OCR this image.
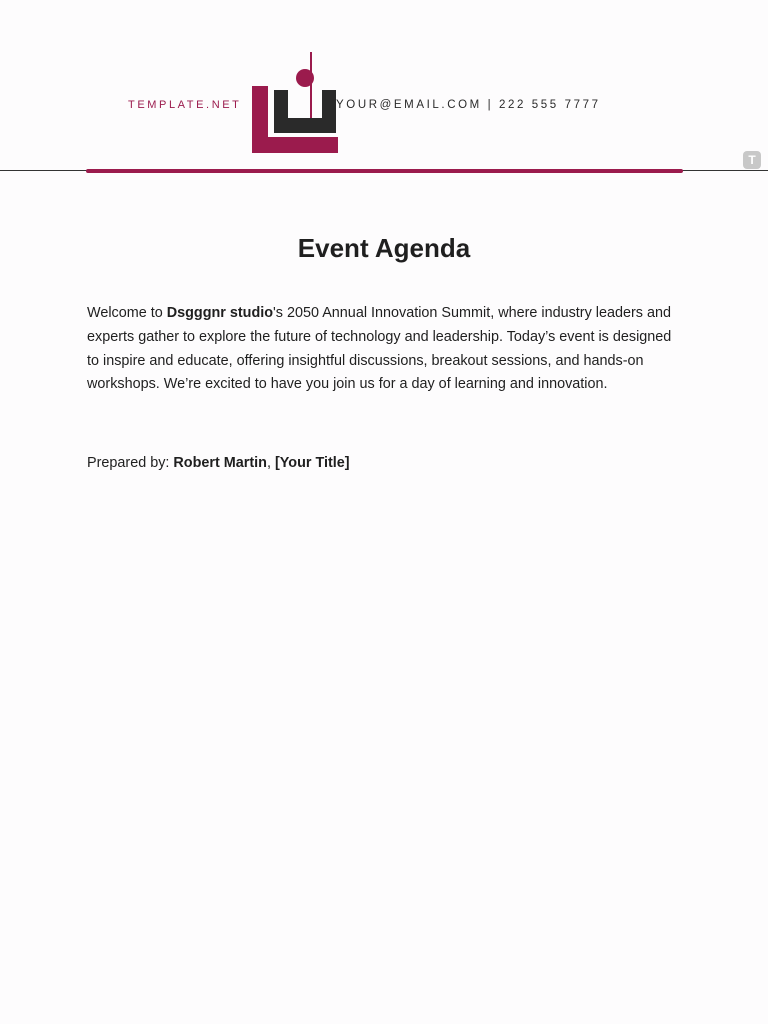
TEMPLATE.NET	YOUR@EMAIL.COM | 222 555 7777
T
Event Agenda

Welcome to Dsgggnr studio's 2050 Annual Innovation Summit, where industry leaders and experts gather to explore the future of technology and leadership. Today’s event is designed to inspire and educate, offering insightful discussions, breakout sessions, and hands-on workshops. We’re excited to have you join us for a day of learning and innovation.

Prepared by: Robert Martin, [Your Title]
